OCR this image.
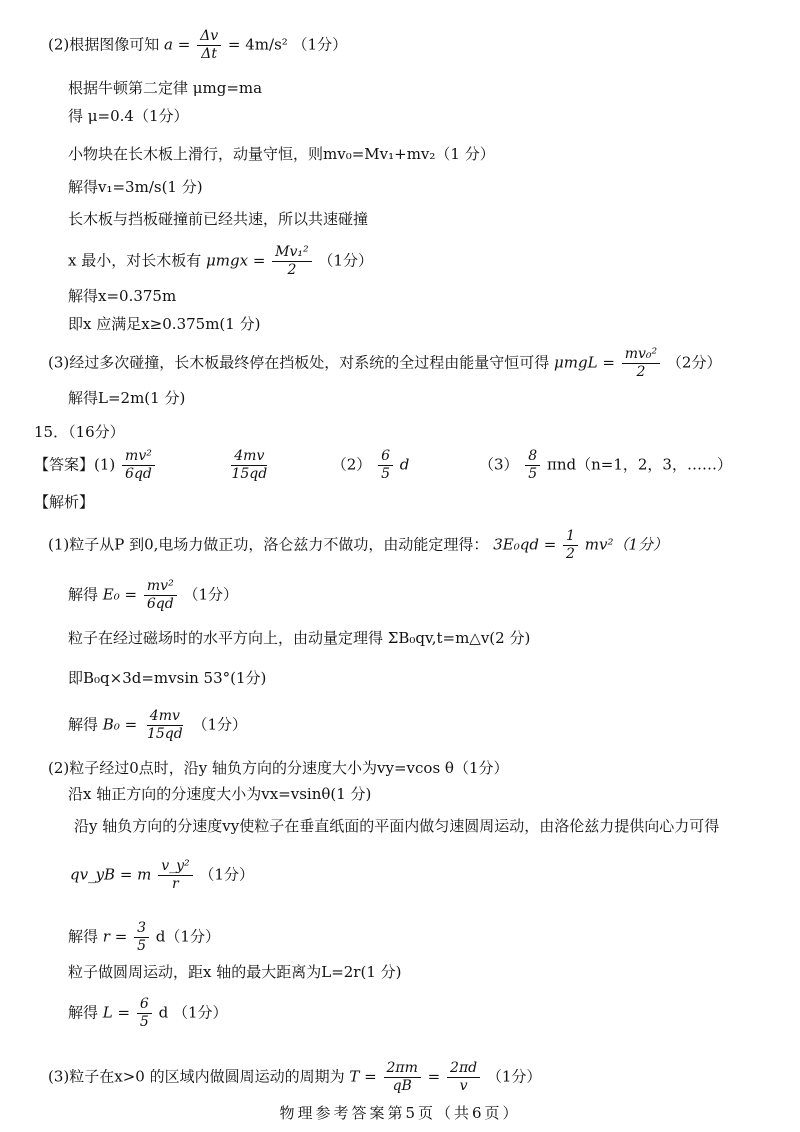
(2)根据图像可知 $a = \frac{\Delta v}{\Delta t} = 4m/s^2$ （1分）
根据牛顿第二定律 μmg=ma
得 μ=0.4（1分）
小物块在长木板上滑行，动量守恒，则mv₀=Mv₁+mv₂（1 分）
解得v₁=3m/s(1 分)
长木板与挡板碰撞前已经共速，所以共速碰撞
x 最小，对长木板有 $\mu mgx = \frac{\text{Mv₁²}}{2} (1$分）
解得x=0.375m
即x 应满足x≥0.375m(1 分)
(3)经过多次碰撞，长木板最终停在挡板处，对系统的全过程由能量守恒可得 $\mu mgL = \frac{\text{mv₀²}}{2} (2$分）
解得L=2m(1 分)
15．（16分）
【答案】$(1) \frac{\text{mv²}}{6qd}$
	$\frac{4mv}{15qd}$	$(2) \frac{6}{5}$ d	$(3) \frac{8}{5} \pi nd(n=1$，2，3，……）
【解析】
(1)粒子从P 到0,电场力做正功，洛仑兹力不做功，由动能定理得： $3E_0qd = \frac{1}{2} mv^2(1$分）
解得 $E_0 = \frac{\text{mv²}}{6qd} (1$分）
粒子在经过磁场时的水平方向上，由动量定理得 ΣB₀qv,t=m△v(2 分)
即B₀q×3d=mvsin 53°(1分)
解得 $B_0 = \frac{4mv}{15qd} (1$分）
(2)粒子经过0点时，沿y 轴负方向的分速度大小为vy=vcos θ（1分）
沿x 轴正方向的分速度大小为vx=vsinθ(1 分)
沿y 轴负方向的分速度vy使粒子在垂直纸面的平面内做匀速圆周运动，由洛伦兹力提供向心力可得
qv_yB = m $\frac{\text{v\_y²}}{r} (1$分）
解得 $r = \frac{3}{5} d(1$分）
粒子做圆周运动，距x 轴的最大距离为L=2r(1 分)
解得 $L = \frac{6}{5}$ d （1分）
(3)粒子在x>0 的区域内做圆周运动的周期为 $T = \frac{2\pi m}{qB} = \frac{2\pi d}{v} (1$分）
物理参考答案第5页（共6页）
